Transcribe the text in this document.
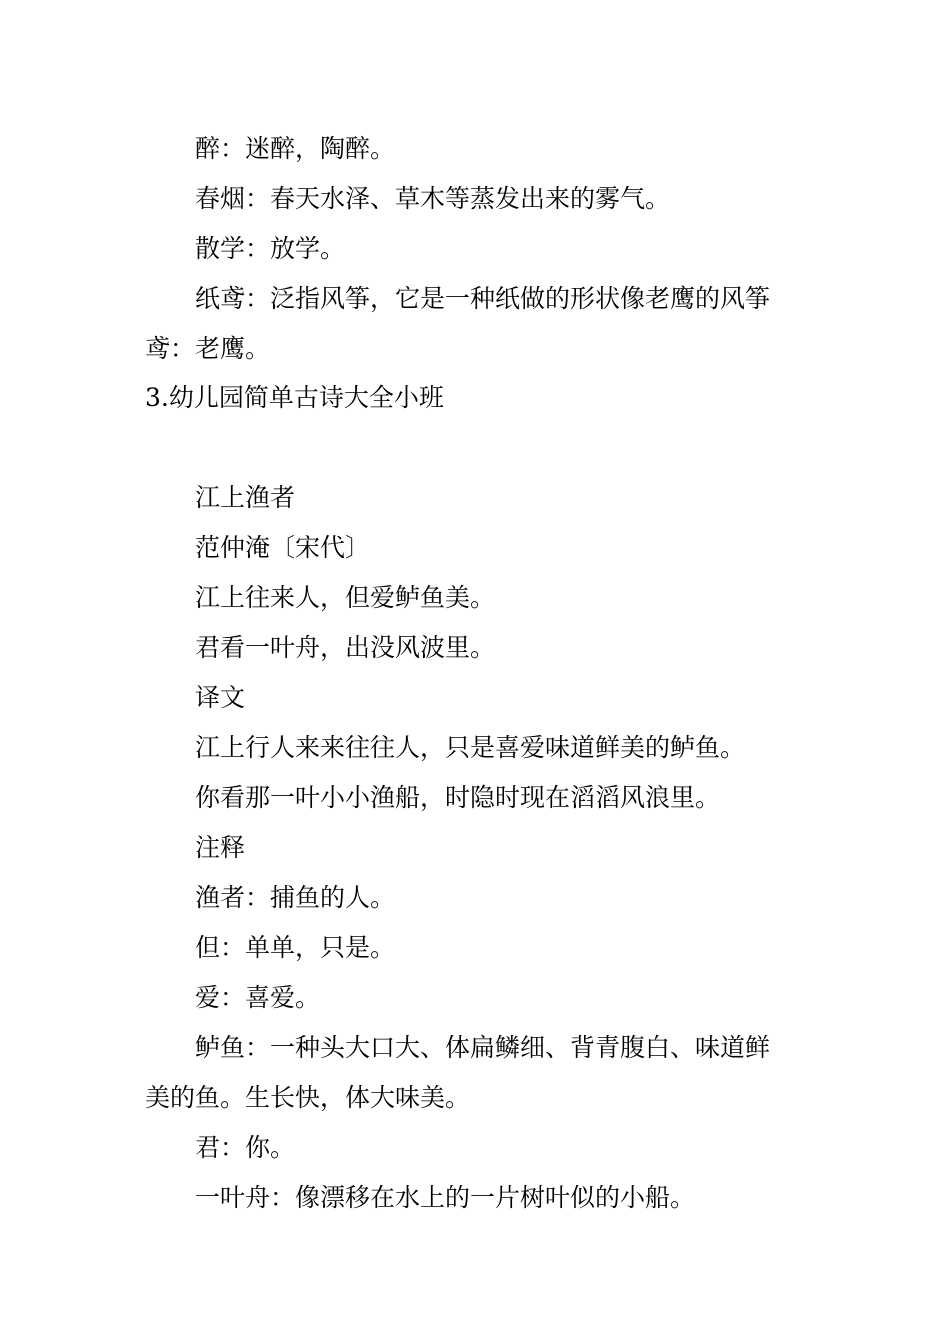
醉：迷醉，陶醉。
春烟：春天水泽、草木等蒸发出来的雾气。
散学：放学。
纸鸢：泛指风筝，它是一种纸做的形状像老鹰的风筝
鸢：老鹰。
3.幼儿园简单古诗大全小班
江上渔者
范仲淹〔宋代〕
江上往来人，但爱鲈鱼美。
君看一叶舟，出没风波里。
译文
江上行人来来往往人，只是喜爱味道鲜美的鲈鱼。
你看那一叶小小渔船，时隐时现在滔滔风浪里。
注释
渔者：捕鱼的人。
但：单单，只是。
爱：喜爱。
鲈鱼：一种头大口大、体扁鳞细、背青腹白、味道鲜
美的鱼。生长快，体大味美。
君：你。
一叶舟：像漂移在水上的一片树叶似的小船。
